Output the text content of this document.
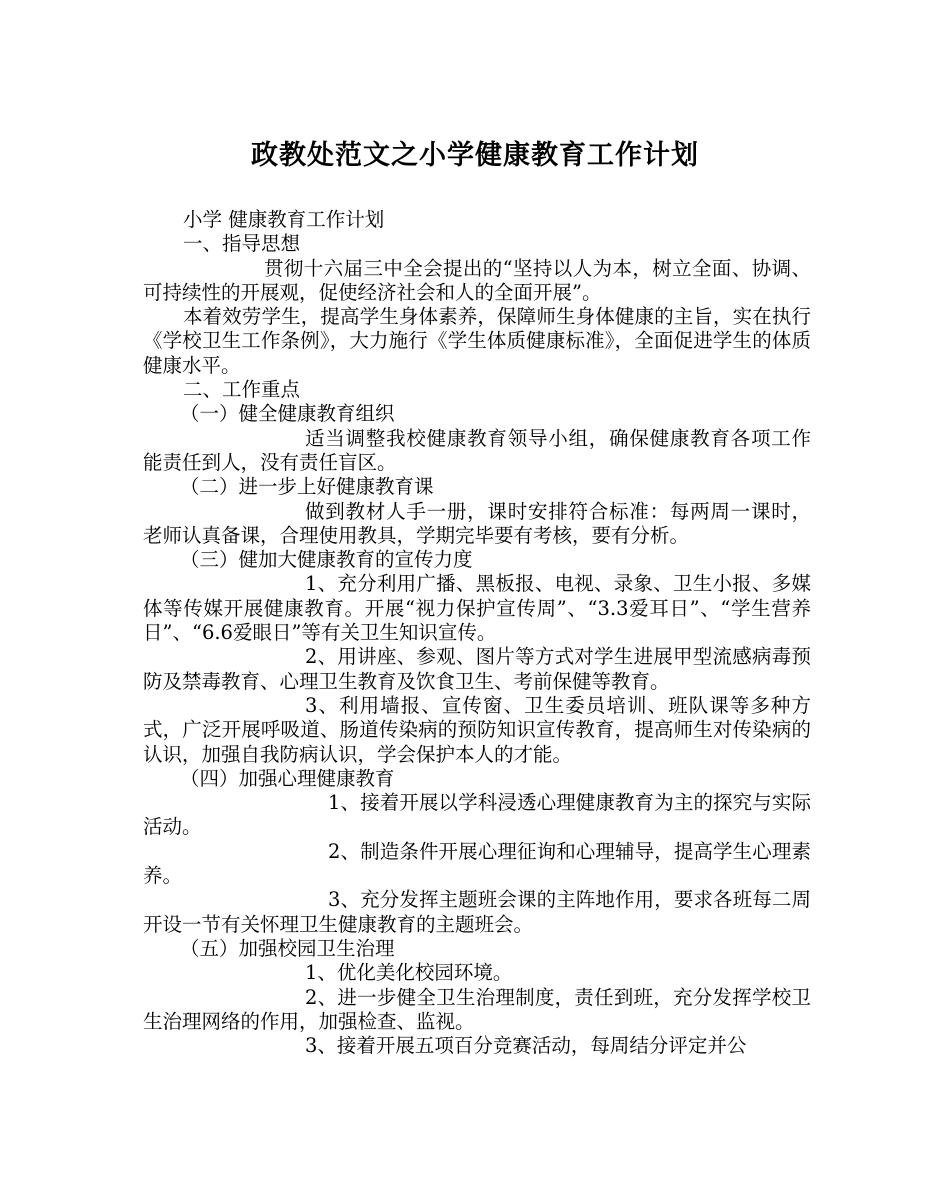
政教处范文之小学健康教育工作计划

小学 健康教育工作计划

一、指导思想

贯彻十六届三中全会提出的“坚持以人为本，树立全面、协调、可持续性的开展观，促使经济社会和人的全面开展”。

本着效劳学生，提高学生身体素养，保障师生身体健康的主旨，实在执行《学校卫生工作条例》，大力施行《学生体质健康标准》，全面促进学生的体质健康水平。

二、工作重点

（一）健全健康教育组织

适当调整我校健康教育领导小组，确保健康教育各项工作能责任到人，没有责任盲区。

（二）进一步上好健康教育课

做到教材人手一册，课时安排符合标准：每两周一课时，老师认真备课，合理使用教具，学期完毕要有考核，要有分析。

（三）健加大健康教育的宣传力度

1、充分利用广播、黑板报、电视、录象、卫生小报、多媒体等传媒开展健康教育。开展“视力保护宣传周”、“3.3爱耳日”、“学生营养日”、“6.6爱眼日”等有关卫生知识宣传。

2、用讲座、参观、图片等方式对学生进展甲型流感病毒预防及禁毒教育、心理卫生教育及饮食卫生、考前保健等教育。

3、利用墙报、宣传窗、卫生委员培训、班队课等多种方式，广泛开展呼吸道、肠道传染病的预防知识宣传教育，提高师生对传染病的认识，加强自我防病认识，学会保护本人的才能。

（四）加强心理健康教育

1、接着开展以学科浸透心理健康教育为主的探究与实际活动。

2、制造条件开展心理征询和心理辅导，提高学生心理素养。

3、充分发挥主题班会课的主阵地作用，要求各班每二周开设一节有关怀理卫生健康教育的主题班会。

（五）加强校园卫生治理

1、优化美化校园环境。

2、进一步健全卫生治理制度，责任到班，充分发挥学校卫生治理网络的作用，加强检查、监视。

3、接着开展五项百分竞赛活动，每周结分评定并公
